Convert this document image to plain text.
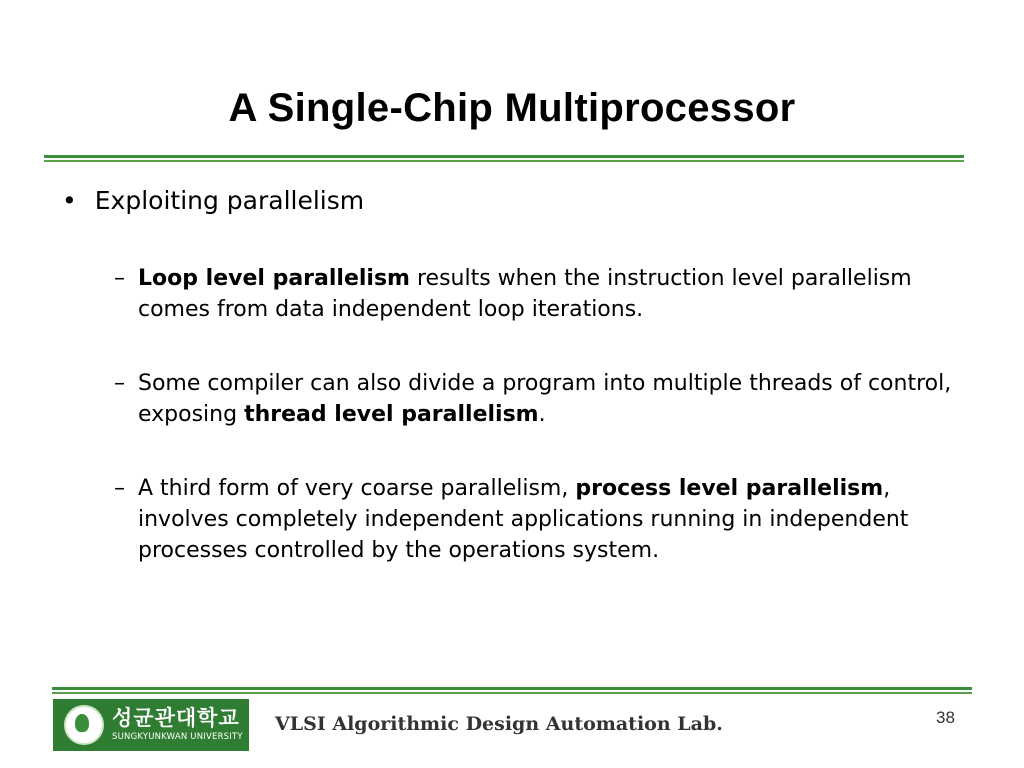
A Single-Chip Multiprocessor
• Exploiting parallelism
– Loop level parallelism results when the instruction level parallelism comes from data independent loop iterations.
– Some compiler can also divide a program into multiple threads of control, exposing thread level parallelism.
– A third form of very coarse parallelism, process level parallelism, involves completely independent applications running in independent processes controlled by the operations system.
성균관대학교
SUNGKYUNKWAN UNIVERSITY
VLSI Algorithmic Design Automation Lab.	38
